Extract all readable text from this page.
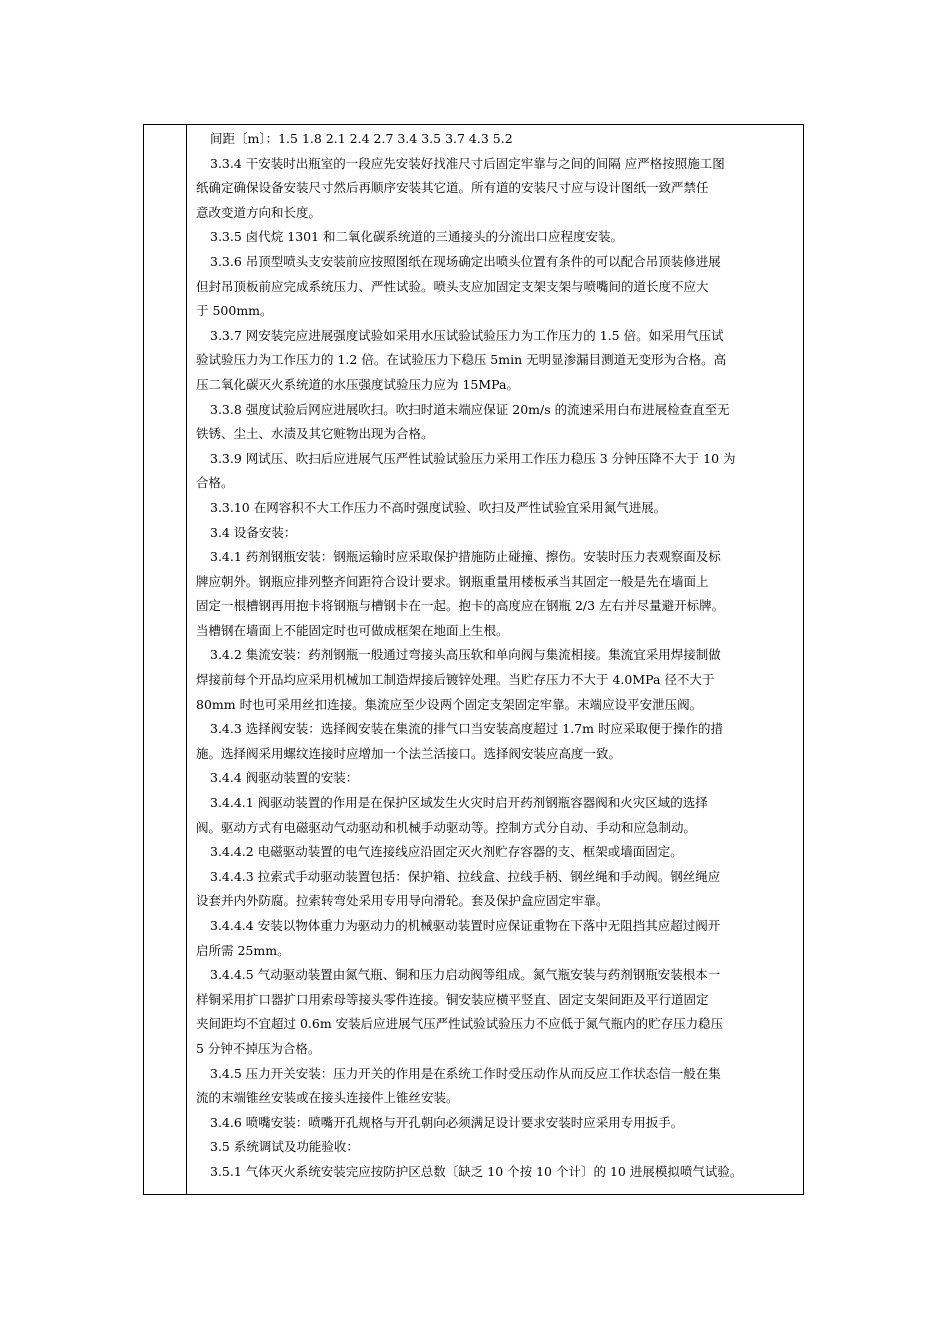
间距〔m〕：1.5 1.8 2.1 2.4 2.7 3.4 3.5 3.7 4.3 5.2
3.3.4 干安装时出瓶室的一段应先安装好找准尺寸后固定牢靠与之间的间隔 应严格按照施工图
纸确定确保设备安装尺寸然后再顺序安装其它道。所有道的安装尺寸应与设计图纸一致严禁任
意改变道方向和长度。
3.3.5 卤代烷 1301 和二氧化碳系统道的三通接头的分流出口应程度安装。
3.3.6 吊顶型喷头支安装前应按照图纸在现场确定出喷头位置有条件的可以配合吊顶装修进展
但封吊顶板前应完成系统压力、严性试验。喷头支应加固定支架支架与喷嘴间的道长度不应大
于 500mm。
3.3.7 网安装完应进展强度试验如采用水压试验试验压力为工作压力的 1.5 倍。如采用气压试
验试验压力为工作压力的 1.2 倍。在试验压力下稳压 5min 无明显渗漏目测道无变形为合格。高
压二氧化碳灭火系统道的水压强度试验压力应为 15MPa。
3.3.8 强度试验后网应进展吹扫。吹扫时道末端应保证 20m/s 的流速采用白布进展检查直至无
铁锈、尘土、水渍及其它赃物出现为合格。
3.3.9 网试压、吹扫后应进展气压严性试验试验压力采用工作压力稳压 3 分钟压降不大于 10 为
合格。
3.3.10 在网容积不大工作压力不高时强度试验、吹扫及严性试验宜采用氮气进展。
3.4 设备安装：
3.4.1 药剂钢瓶安装：钢瓶运输时应采取保护措施防止碰撞、擦伤。安装时压力表观察面及标
牌应朝外。钢瓶应排列整齐间距符合设计要求。钢瓶重量用楼板承当其固定一般是先在墙面上
固定一根槽钢再用抱卡将钢瓶与槽钢卡在一起。抱卡的高度应在钢瓶 2/3 左右并尽量避开标牌。
当槽钢在墙面上不能固定时也可做成框架在地面上生根。
3.4.2 集流安装：药剂钢瓶一般通过弯接头高压软和单向阀与集流相接。集流宜采用焊接制做
焊接前每个开品均应采用机械加工制造焊接后镀锌处理。当贮存压力不大于 4.0MPa 径不大于
80mm 时也可采用丝扣连接。集流应至少设两个固定支架固定牢靠。末端应设平安泄压阀。
3.4.3 选择阀安装：选择阀安装在集流的排气口当安装高度超过 1.7m 时应采取便于操作的措
施。选择阀采用螺纹连接时应增加一个法兰活接口。选择阀安装应高度一致。
3.4.4 阀驱动装置的安装：
3.4.4.1 阀驱动装置的作用是在保护区域发生火灾时启开药剂钢瓶容器阀和火灾区域的选择
阀。驱动方式有电磁驱动气动驱动和机械手动驱动等。控制方式分自动、手动和应急制动。
3.4.4.2 电磁驱动装置的电气连接线应沿固定灭火剂贮存容器的支、框架或墙面固定。
3.4.4.3 拉索式手动驱动装置包括：保护箱、拉线盒、拉线手柄、钢丝绳和手动阀。钢丝绳应
设套并内外防腐。拉索转弯处采用专用导向滑轮。套及保护盒应固定牢靠。
3.4.4.4 安装以物体重力为驱动力的机械驱动装置时应保证重物在下落中无阻挡其应超过阀开
启所需 25mm。
3.4.4.5 气动驱动装置由氮气瓶、铜和压力启动阀等组成。氮气瓶安装与药剂钢瓶安装根本一
样铜采用扩口器扩口用索母等接头零件连接。铜安装应横平竖直、固定支架间距及平行道固定
夹间距均不宜超过 0.6m 安装后应进展气压严性试验试验压力不应低于氮气瓶内的贮存压力稳压
5 分钟不掉压为合格。
3.4.5 压力开关安装：压力开关的作用是在系统工作时受压动作从而反应工作状态信一般在集
流的末端锥丝安装或在接头连接件上锥丝安装。
3.4.6 喷嘴安装：喷嘴开孔规格与开孔朝向必须满足设计要求安装时应采用专用扳手。
3.5 系统调试及功能验收：
3.5.1 气体灭火系统安装完应按防护区总数〔缺乏 10 个按 10 个计〕的 10 进展模拟喷气试验。
